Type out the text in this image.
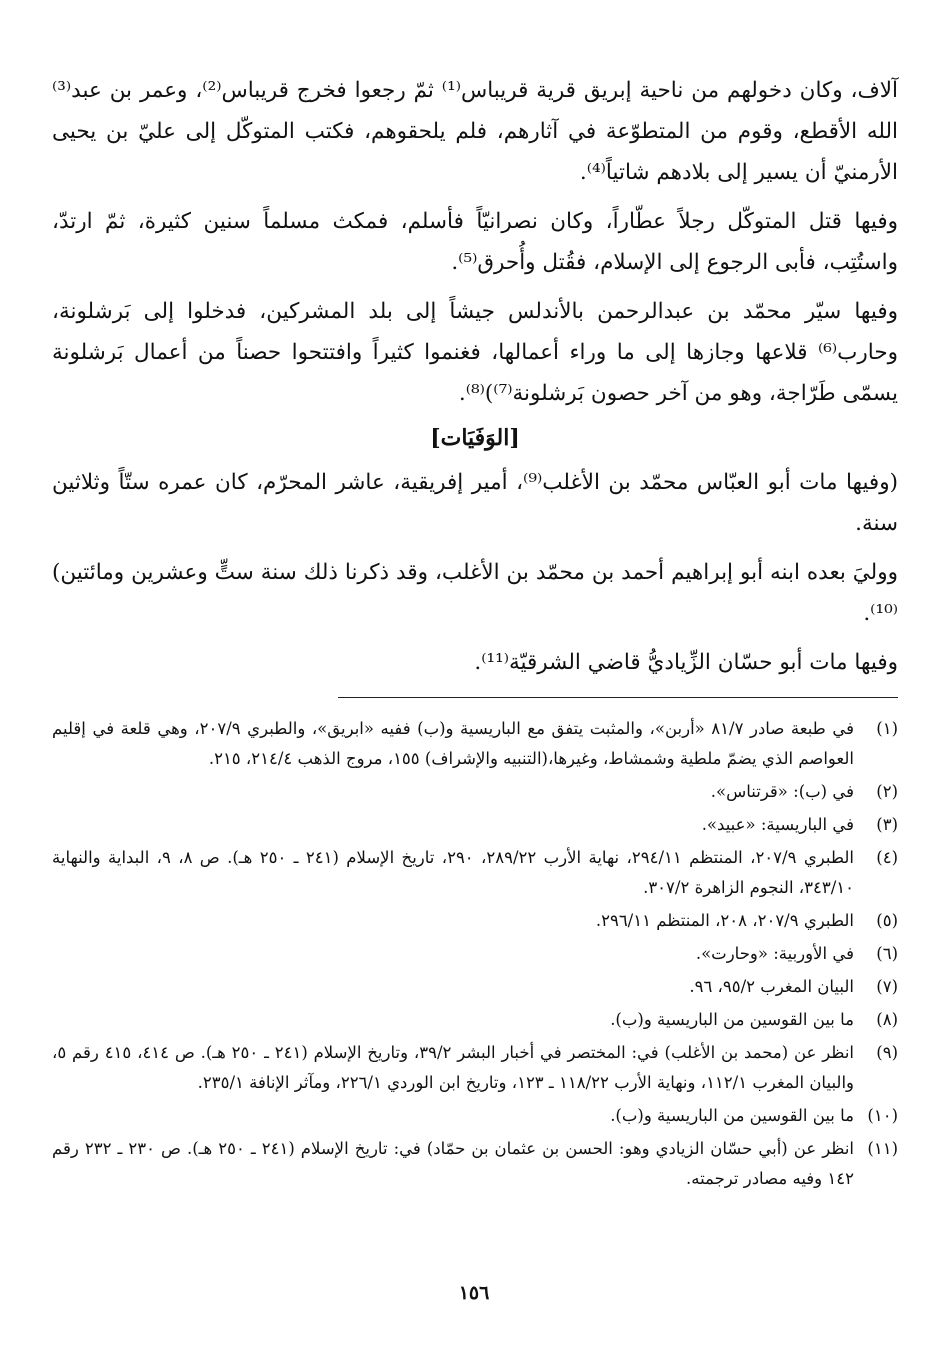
آلاف، وكان دخولهم من ناحية إبريق قرية قريباس⁽¹⁾ ثمّ رجعوا فخرج قريباس⁽²⁾، وعمر بن عبد⁽³⁾الله الأقطع، وقوم من المتطوّعة في آثارهم، فلم يلحقوهم، فكتب المتوكّل إلى عليّ بن يحيى الأرمنيّ أن يسير إلى بلادهم شاتياً⁽⁴⁾.

وفيها قتل المتوكّل رجلاً عطّاراً، وكان نصرانيّاً فأسلم، فمكث مسلماً سنين كثيرة، ثمّ ارتدّ، واستُتِب، فأبى الرجوع إلى الإسلام، فقُتل وأُحرق⁽⁵⁾.

وفيها سيّر محمّد بن عبدالرحمن بالأندلس جيشاً إلى بلد المشركين، فدخلوا إلى بَرشلونة، وحارب⁽⁶⁾ قلاعها وجازها إلى ما وراء أعمالها، فغنموا كثيراً وافتتحوا حصناً من أعمال بَرشلونة يسمّى طَرّاجة، وهو من آخر حصون بَرشلونة⁽⁷⁾)⁽⁸⁾.

[الوَفَيَات]

(وفيها مات أبو العبّاس محمّد بن الأغلب⁽⁹⁾، أمير إفريقية، عاشر المحرّم، كان عمره ستّاً وثلاثين سنة.

ووليَ بعده ابنه أبو إبراهيم أحمد بن محمّد بن الأغلب، وقد ذكرنا ذلك سنة ستٍّ وعشرين ومائتين)⁽¹⁰⁾.

وفيها مات أبو حسّان الزِّياديُّ قاضي الشرقيّة⁽¹¹⁾.

(١)
في طبعة صادر ٨١/٧ «أربن»، والمثبت يتفق مع الباريسية و(ب) ففيه «ابريق»، والطبري ٢٠٧/٩، وهي قلعة في إقليم العواصم الذي يضمّ ملطية وشمشاط، وغيرها،(التنبيه والإشراف) ١٥٥، مروج الذهب ٢١٤/٤، ٢١٥.
(٢)
في (ب): «قرتناس».
(٣)
في الباريسية: «عبيد».
(٤)
الطبري ٢٠٧/٩، المنتظم ٢٩٤/١١، نهاية الأرب ٢٨٩/٢٢، ٢٩٠، تاريخ الإسلام (٢٤١ ـ ٢٥٠ هـ). ص ٨، ٩، البداية والنهاية ٣٤٣/١٠، النجوم الزاهرة ٣٠٧/٢.
(٥)
الطبري ٢٠٧/٩، ٢٠٨، المنتظم ٢٩٦/١١.
(٦)
في الأوربية: «وحارت».
(٧)
البيان المغرب ٩٥/٢، ٩٦.
(٨)
ما بين القوسين من الباريسية و(ب).
(٩)
انظر عن (محمد بن الأغلب) في: المختصر في أخبار البشر ٣٩/٢، وتاريخ الإسلام (٢٤١ ـ ٢٥٠ هـ). ص ٤١٤، ٤١٥ رقم ٥، والبيان المغرب ١١٢/١، ونهاية الأرب ١١٨/٢٢ ـ ١٢٣، وتاريخ ابن الوردي ٢٢٦/١، ومآثر الإنافة ٢٣٥/١.
(١٠)
ما بين القوسين من الباريسية و(ب).
(١١)
انظر عن (أبي حسّان الزيادي وهو: الحسن بن عثمان بن حمّاد) في: تاريخ الإسلام (٢٤١ ـ ٢٥٠ هـ). ص ٢٣٠ ـ ٢٣٢ رقم ١٤٢ وفيه مصادر ترجمته.
١٥٦
